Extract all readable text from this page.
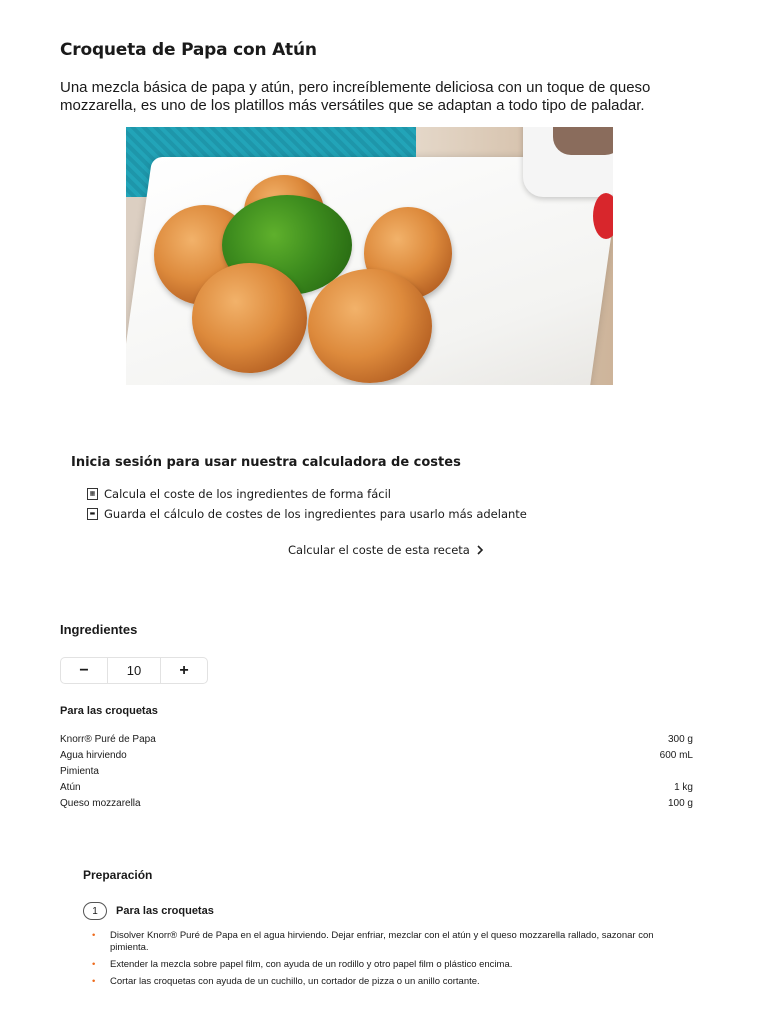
Croqueta de Papa con Atún
Una mezcla básica de papa y atún, pero increíblemente deliciosa con un toque de queso mozzarella, es uno de los platillos más versátiles que se adaptan a todo tipo de paladar.
Inicia sesión para usar nuestra calculadora de costes
▦ Calcula el coste de los ingredientes de forma fácil
▬ Guarda el cálculo de costes de los ingredientes para usarlo más adelante
Calcular el coste de esta receta
Ingredientes
−	10	+
Para las croquetas
Knorr® Puré de Papa	300 g
Agua hirviendo	600 mL
Pimienta
Atún	1 kg
Queso mozzarella	100 g
Preparación
1	Para las croquetas
• Disolver Knorr® Puré de Papa en el agua hirviendo. Dejar enfriar, mezclar con el atún y el queso mozzarella rallado, sazonar con pimienta.
• Extender la mezcla sobre papel film, con ayuda de un rodillo y otro papel film o plástico encima.
• Cortar las croquetas con ayuda de un cuchillo, un cortador de pizza o un anillo cortante.
